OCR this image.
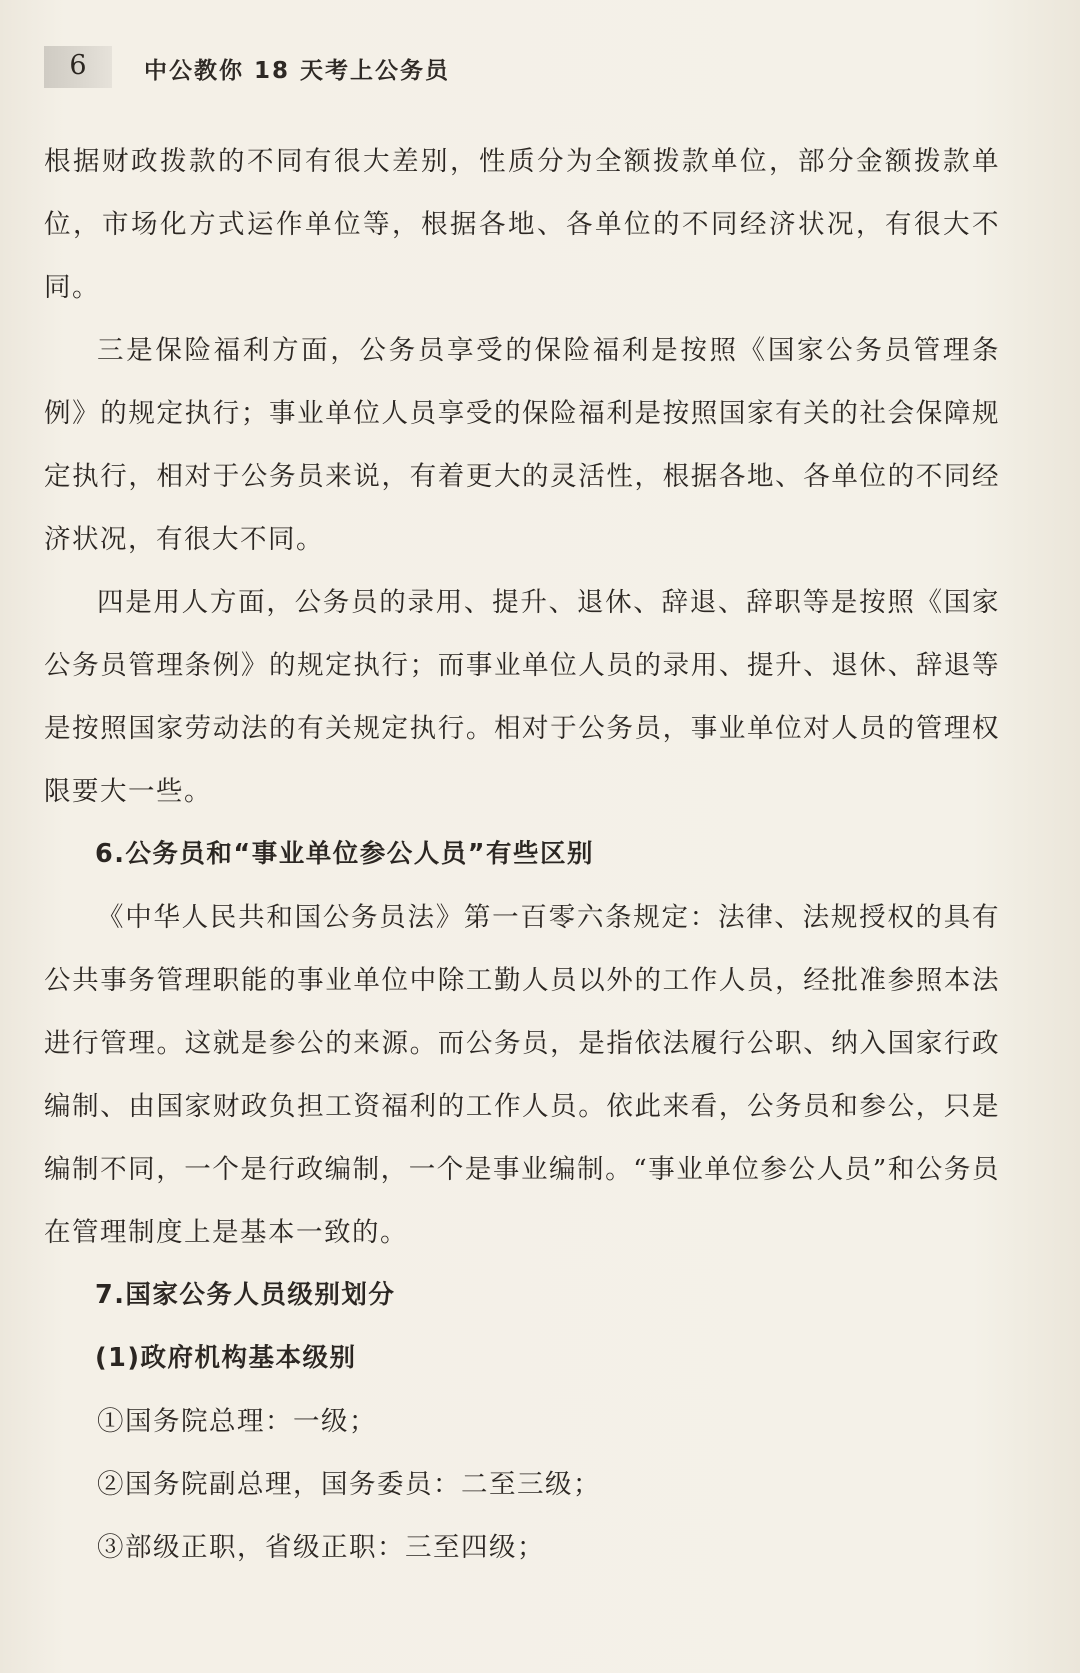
6	中公教你 18 天考上公务员

根据财政拨款的不同有很大差别，性质分为全额拨款单位，部分金额拨款单位，市场化方式运作单位等，根据各地、各单位的不同经济状况，有很大不同。

三是保险福利方面，公务员享受的保险福利是按照《国家公务员管理条例》的规定执行；事业单位人员享受的保险福利是按照国家有关的社会保障规定执行，相对于公务员来说，有着更大的灵活性，根据各地、各单位的不同经济状况，有很大不同。

四是用人方面，公务员的录用、提升、退休、辞退、辞职等是按照《国家公务员管理条例》的规定执行；而事业单位人员的录用、提升、退休、辞退等是按照国家劳动法的有关规定执行。相对于公务员，事业单位对人员的管理权限要大一些。

6.公务员和“事业单位参公人员”有些区别

《中华人民共和国公务员法》第一百零六条规定：法律、法规授权的具有公共事务管理职能的事业单位中除工勤人员以外的工作人员，经批准参照本法进行管理。这就是参公的来源。而公务员，是指依法履行公职、纳入国家行政编制、由国家财政负担工资福利的工作人员。依此来看，公务员和参公，只是编制不同，一个是行政编制，一个是事业编制。“事业单位参公人员”和公务员在管理制度上是基本一致的。

7.国家公务人员级别划分

(1)政府机构基本级别

①国务院总理：一级；

②国务院副总理，国务委员：二至三级；

③部级正职，省级正职：三至四级；
